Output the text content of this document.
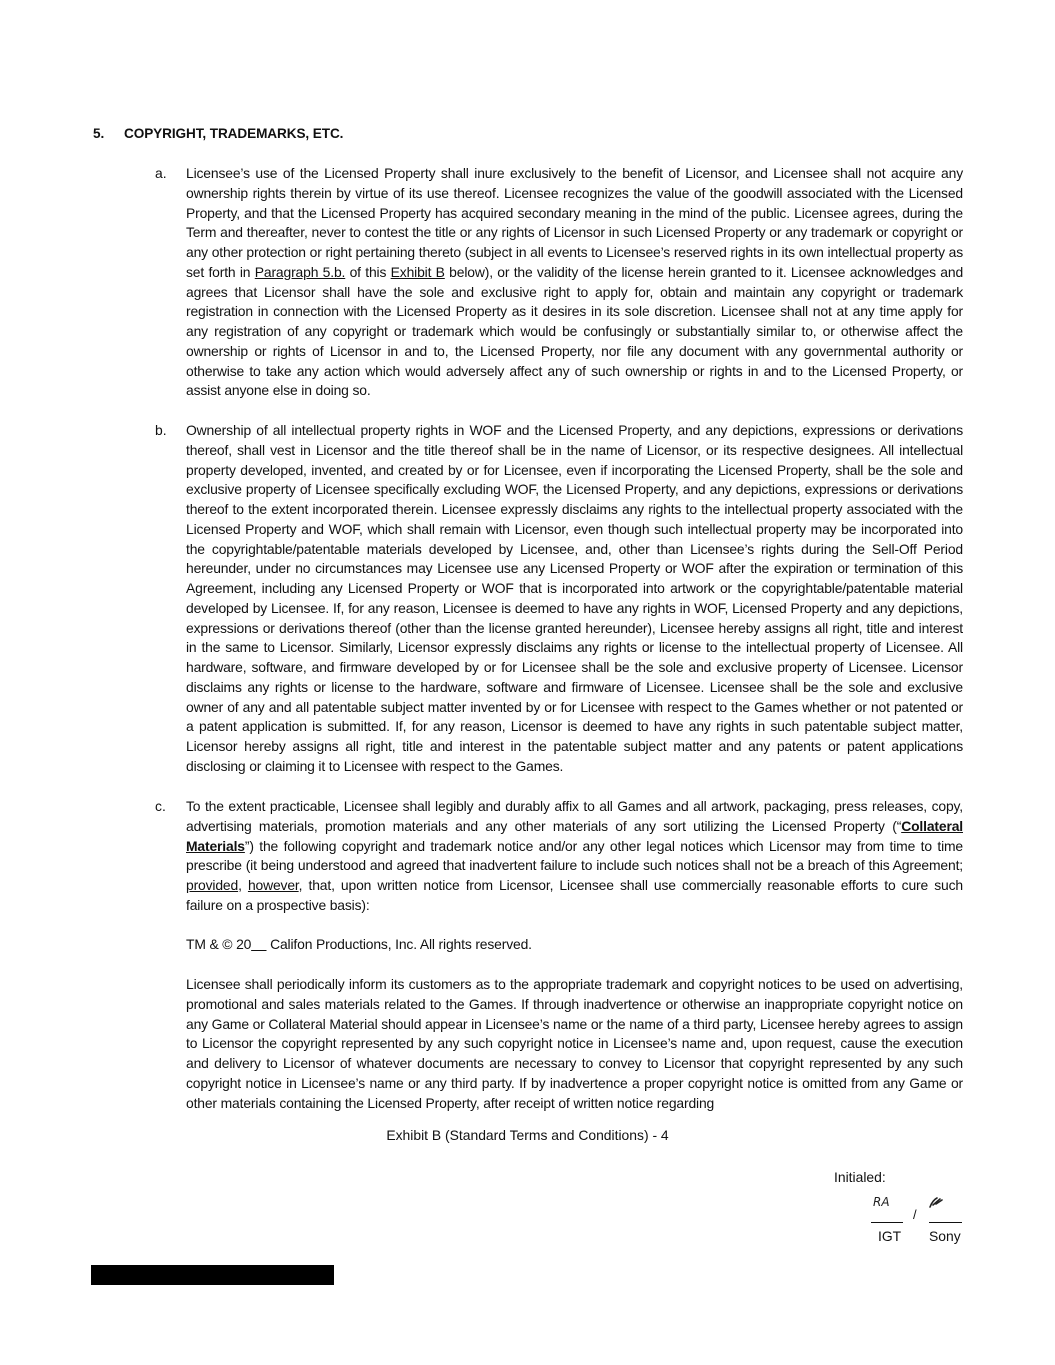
5. COPYRIGHT, TRADEMARKS, ETC.
a. Licensee’s use of the Licensed Property shall inure exclusively to the benefit of Licensor, and Licensee shall not acquire any ownership rights therein by virtue of its use thereof. Licensee recognizes the value of the goodwill associated with the Licensed Property, and that the Licensed Property has acquired secondary meaning in the mind of the public. Licensee agrees, during the Term and thereafter, never to contest the title or any rights of Licensor in such Licensed Property or any trademark or copyright or any other protection or right pertaining thereto (subject in all events to Licensee’s reserved rights in its own intellectual property as set forth in Paragraph 5.b. of this Exhibit B below), or the validity of the license herein granted to it. Licensee acknowledges and agrees that Licensor shall have the sole and exclusive right to apply for, obtain and maintain any copyright or trademark registration in connection with the Licensed Property as it desires in its sole discretion. Licensee shall not at any time apply for any registration of any copyright or trademark which would be confusingly or substantially similar to, or otherwise affect the ownership or rights of Licensor in and to, the Licensed Property, nor file any document with any governmental authority or otherwise to take any action which would adversely affect any of such ownership or rights in and to the Licensed Property, or assist anyone else in doing so.
b. Ownership of all intellectual property rights in WOF and the Licensed Property, and any depictions, expressions or derivations thereof, shall vest in Licensor and the title thereof shall be in the name of Licensor, or its respective designees. All intellectual property developed, invented, and created by or for Licensee, even if incorporating the Licensed Property, shall be the sole and exclusive property of Licensee specifically excluding WOF, the Licensed Property, and any depictions, expressions or derivations thereof to the extent incorporated therein. Licensee expressly disclaims any rights to the intellectual property associated with the Licensed Property and WOF, which shall remain with Licensor, even though such intellectual property may be incorporated into the copyrightable/patentable materials developed by Licensee, and, other than Licensee’s rights during the Sell-Off Period hereunder, under no circumstances may Licensee use any Licensed Property or WOF after the expiration or termination of this Agreement, including any Licensed Property or WOF that is incorporated into artwork or the copyrightable/patentable material developed by Licensee. If, for any reason, Licensee is deemed to have any rights in WOF, Licensed Property and any depictions, expressions or derivations thereof (other than the license granted hereunder), Licensee hereby assigns all right, title and interest in the same to Licensor. Similarly, Licensor expressly disclaims any rights or license to the intellectual property of Licensee. All hardware, software, and firmware developed by or for Licensee shall be the sole and exclusive property of Licensee. Licensor disclaims any rights or license to the hardware, software and firmware of Licensee. Licensee shall be the sole and exclusive owner of any and all patentable subject matter invented by or for Licensee with respect to the Games whether or not patented or a patent application is submitted. If, for any reason, Licensor is deemed to have any rights in such patentable subject matter, Licensor hereby assigns all right, title and interest in the patentable subject matter and any patents or patent applications disclosing or claiming it to Licensee with respect to the Games.
c. To the extent practicable, Licensee shall legibly and durably affix to all Games and all artwork, packaging, press releases, copy, advertising materials, promotion materials and any other materials of any sort utilizing the Licensed Property (“Collateral Materials”) the following copyright and trademark notice and/or any other legal notices which Licensor may from time to time prescribe (it being understood and agreed that inadvertent failure to include such notices shall not be a breach of this Agreement; provided, however, that, upon written notice from Licensor, Licensee shall use commercially reasonable efforts to cure such failure on a prospective basis):
TM & © 20__ Califon Productions, Inc. All rights reserved.
Licensee shall periodically inform its customers as to the appropriate trademark and copyright notices to be used on advertising, promotional and sales materials related to the Games. If through inadvertence or otherwise an inappropriate copyright notice on any Game or Collateral Material should appear in Licensee’s name or the name of a third party, Licensee hereby agrees to assign to Licensor the copyright represented by any such copyright notice in Licensee’s name and, upon request, cause the execution and delivery to Licensor of whatever documents are necessary to convey to Licensor that copyright represented by any such copyright notice in Licensee’s name or any third party. If by inadvertence a proper copyright notice is omitted from any Game or other materials containing the Licensed Property, after receipt of written notice regarding
Exhibit B (Standard Terms and Conditions) - 4
Initialed:
RA
/
IGT Sony
